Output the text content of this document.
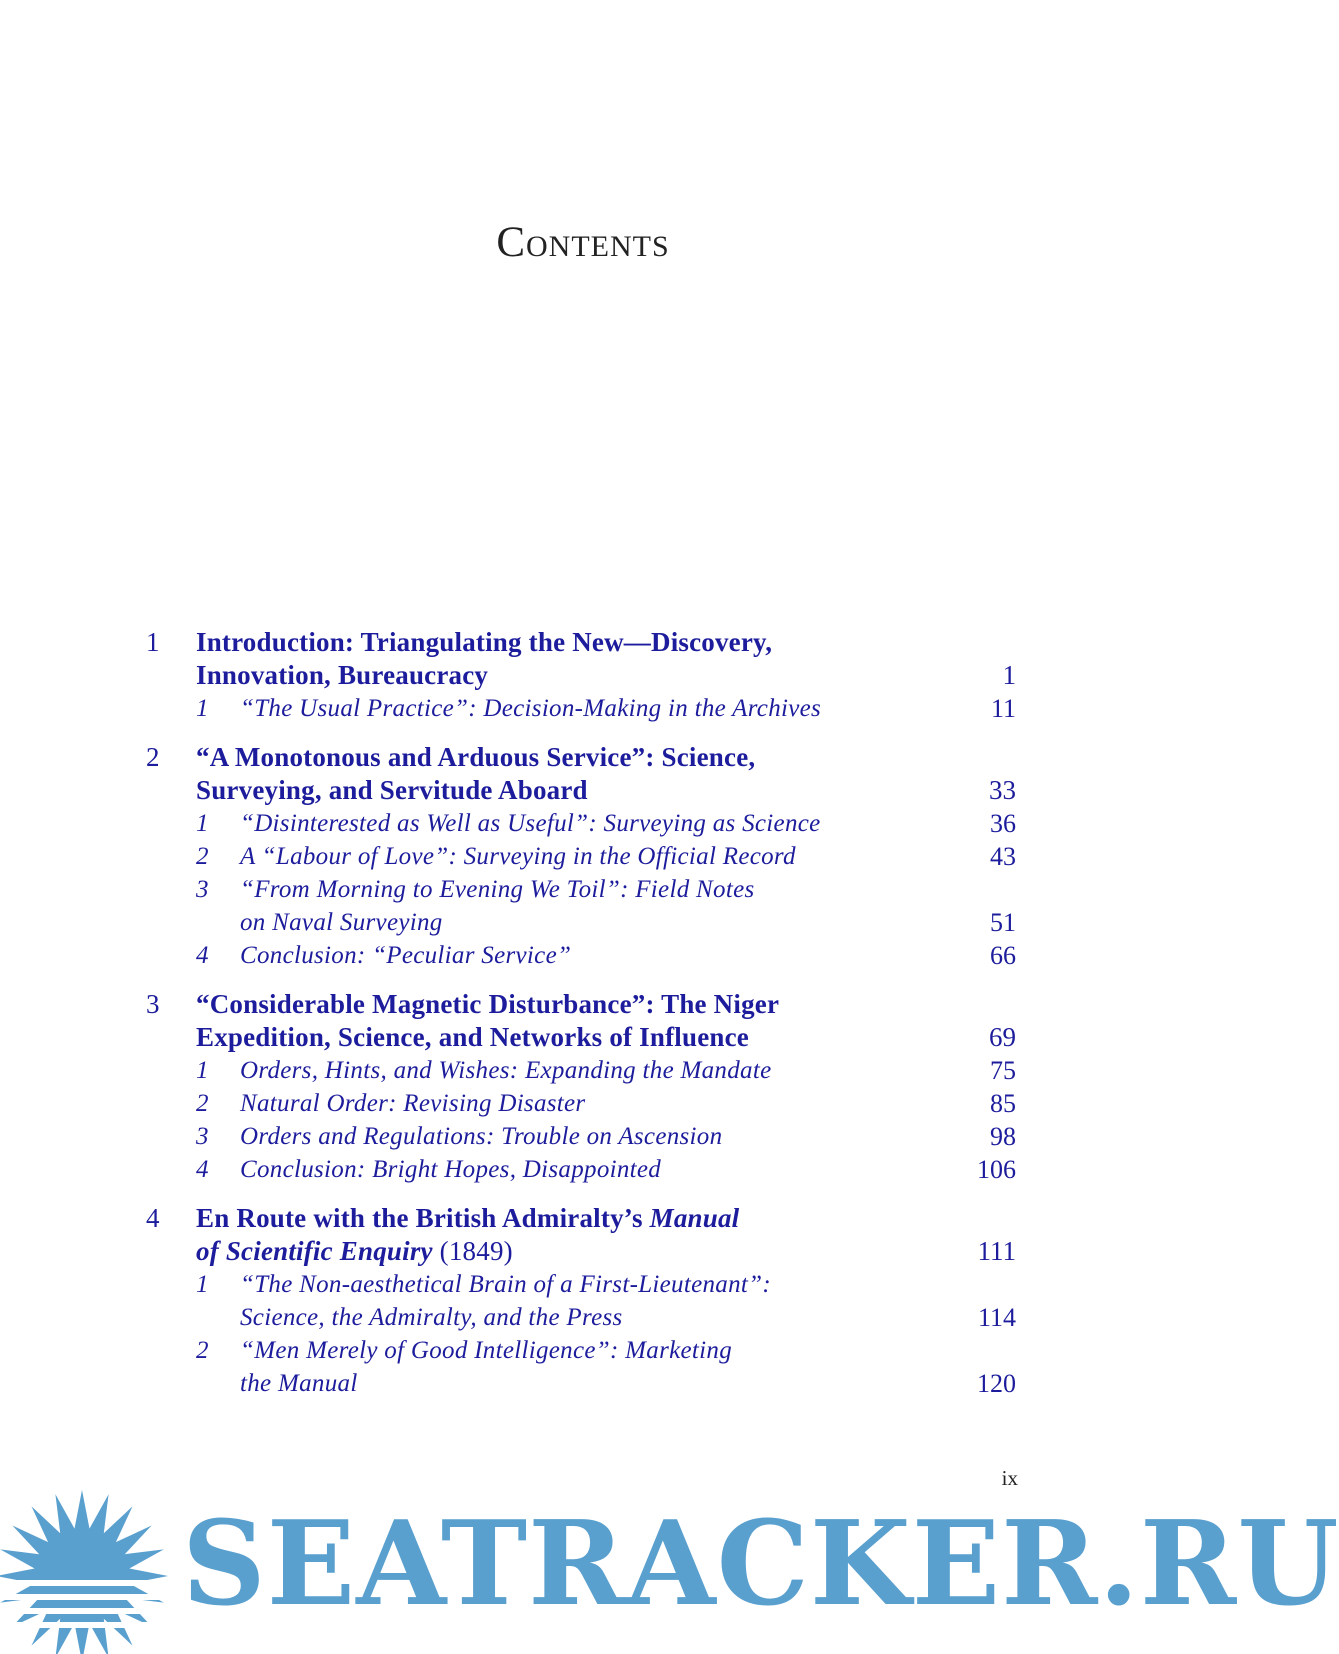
Contents
1 Introduction: Triangulating the New—Discovery,
Innovation, Bureaucracy	1
1 “The Usual Practice”: Decision-Making in the Archives	11
2 “A Monotonous and Arduous Service”: Science,
Surveying, and Servitude Aboard	33
1 “Disinterested as Well as Useful”: Surveying as Science	36
2 A “Labour of Love”: Surveying in the Official Record	43
3 “From Morning to Evening We Toil”: Field Notes
on Naval Surveying	51
4 Conclusion: “Peculiar Service”	66
3 “Considerable Magnetic Disturbance”: The Niger
Expedition, Science, and Networks of Influence	69
1 Orders, Hints, and Wishes: Expanding the Mandate	75
2 Natural Order: Revising Disaster	85
3 Orders and Regulations: Trouble on Ascension	98
4 Conclusion: Bright Hopes, Disappointed	106
4 En Route with the British Admiralty’s Manual
of Scientific Enquiry (1849)	111
1 “The Non-aesthetical Brain of a First-Lieutenant”:
Science, the Admiralty, and the Press	114
2 “Men Merely of Good Intelligence”: Marketing
the Manual	120
ix
SEATRACKER.RU
